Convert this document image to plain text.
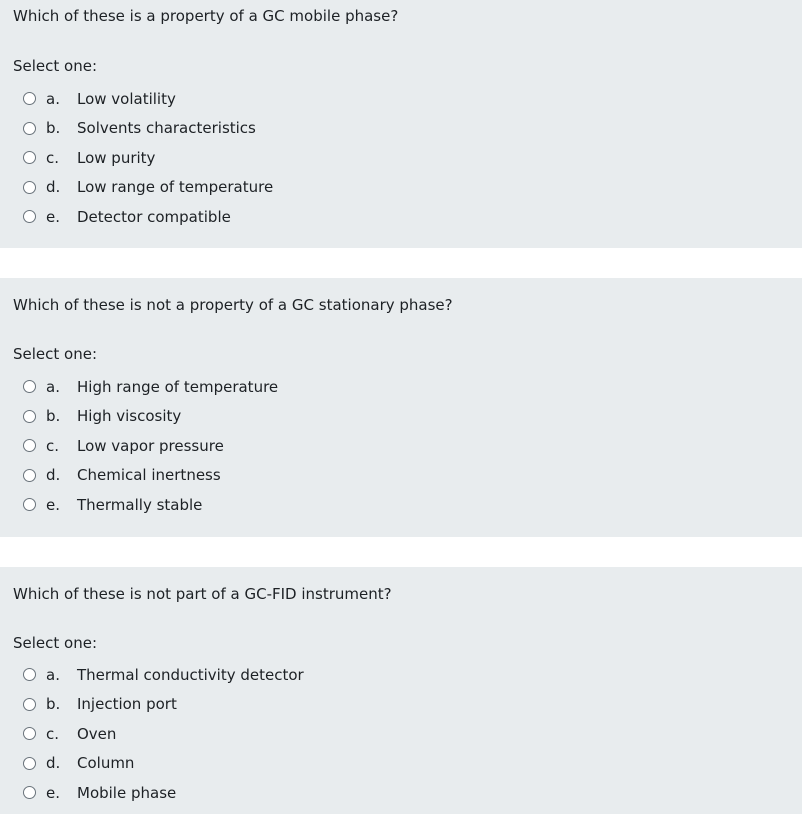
Which of these is a property of a GC mobile phase?
Select one:
a.	Low volatility
b.	Solvents characteristics
c.	Low purity
d.	Low range of temperature
e.	Detector compatible
Which of these is not a property of a GC stationary phase?
Select one:
a.	High range of temperature
b.	High viscosity
c.	Low vapor pressure
d.	Chemical inertness
e.	Thermally stable
Which of these is not part of a GC-FID instrument?
Select one:
a.	Thermal conductivity detector
b.	Injection port
c.	Oven
d.	Column
e.	Mobile phase
